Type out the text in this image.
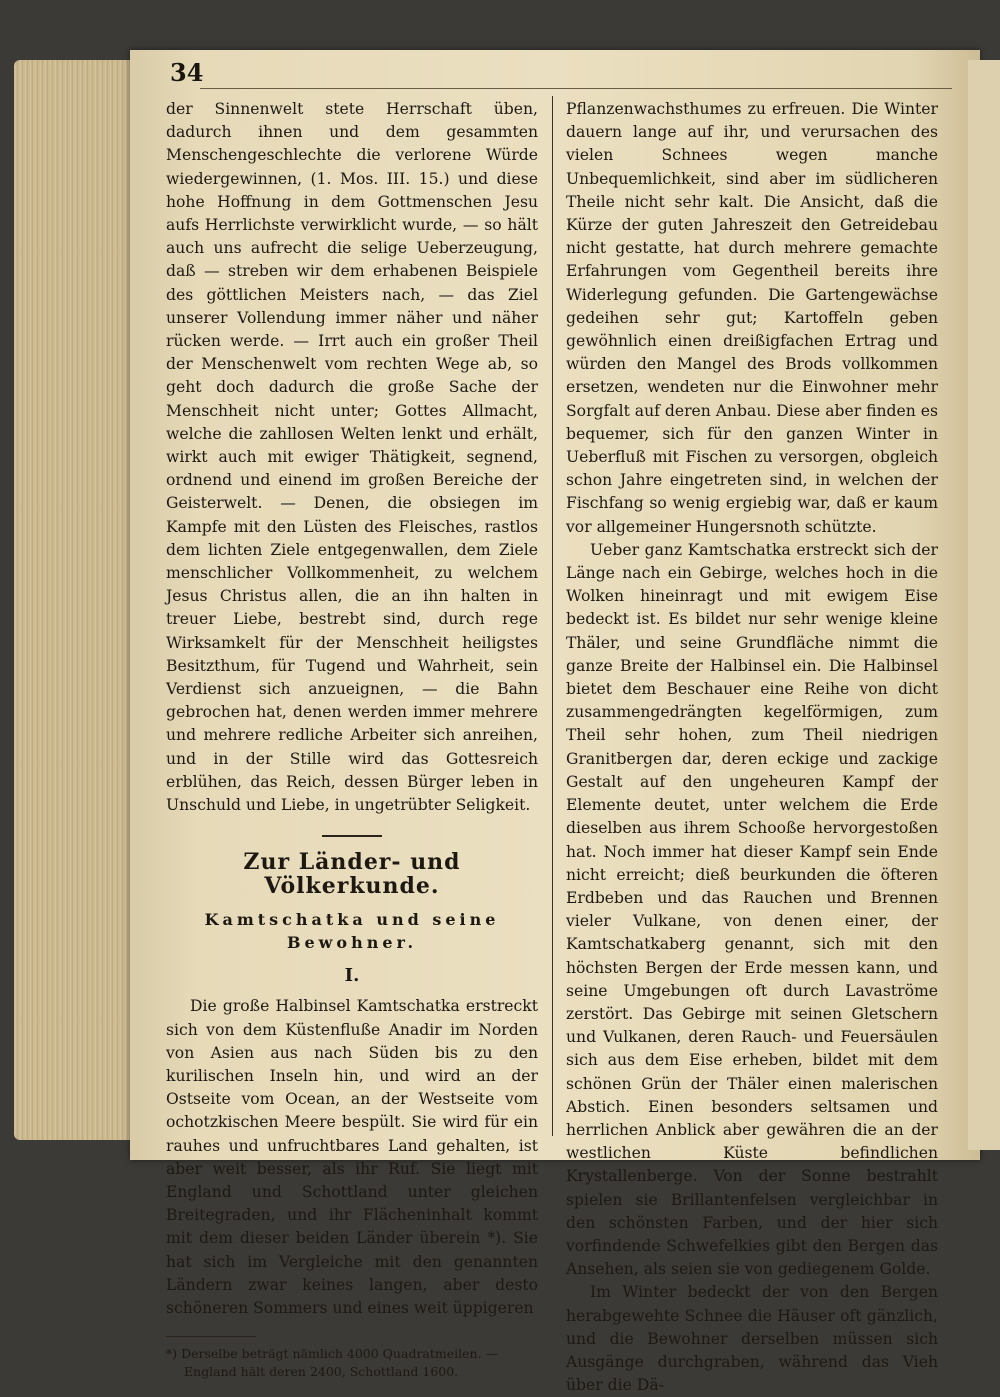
34

der Sinnenwelt stete Herrschaft üben, dadurch ihnen und dem gesammten Menschengeschlechte die verlorene Würde wiedergewinnen, (1. Mos. III. 15.) und diese hohe Hoffnung in dem Gottmenschen Jesu aufs Herrlichste verwirklicht wurde, — so hält auch uns aufrecht die selige Ueberzeugung, daß — streben wir dem erhabenen Beispiele des göttlichen Meisters nach, — das Ziel unserer Vollendung immer näher und näher rücken werde. — Irrt auch ein großer Theil der Menschenwelt vom rechten Wege ab, so geht doch dadurch die große Sache der Menschheit nicht unter; Gottes Allmacht, welche die zahllosen Welten lenkt und erhält, wirkt auch mit ewiger Thätigkeit, segnend, ordnend und einend im großen Bereiche der Geisterwelt. — Denen, die obsiegen im Kampfe mit den Lüsten des Fleisches, rastlos dem lichten Ziele entgegenwallen, dem Ziele menschlicher Vollkommenheit, zu welchem Jesus Christus allen, die an ihn halten in treuer Liebe, bestrebt sind, durch rege Wirksamkelt für der Menschheit heiligstes Besitzthum, für Tugend und Wahrheit, sein Verdienst sich anzueignen, — die Bahn gebrochen hat, denen werden immer mehrere und mehrere redliche Arbeiter sich anreihen, und in der Stille wird das Gottesreich erblühen, das Reich, dessen Bürger leben in Unschuld und Liebe, in ungetrübter Seligkeit.

Zur Länder- und Völkerkunde.
Kamtschatka und seine Bewohner.
I.

Die große Halbinsel Kamtschatka erstreckt sich von dem Küstenfluße Anadir im Norden von Asien aus nach Süden bis zu den kurilischen Inseln hin, und wird an der Ostseite vom Ocean, an der Westseite vom ochotzkischen Meere bespült. Sie wird für ein rauhes und unfruchtbares Land gehalten, ist aber weit besser, als ihr Ruf. Sie liegt mit England und Schottland unter gleichen Breitegraden, und ihr Flächeninhalt kommt mit dem dieser beiden Länder überein *). Sie hat sich im Vergleiche mit den genannten Ländern zwar keines langen, aber desto schöneren Sommers und eines weit üppigeren

*) Derselbe beträgt nämlich 4000 Quadratmeilen. —

England hält deren 2400, Schottland 1600.

Pflanzenwachsthumes zu erfreuen. Die Winter dauern lange auf ihr, und verursachen des vielen Schnees wegen manche Unbequemlichkeit, sind aber im südlicheren Theile nicht sehr kalt. Die Ansicht, daß die Kürze der guten Jahreszeit den Getreidebau nicht gestatte, hat durch mehrere gemachte Erfahrungen vom Gegentheil bereits ihre Widerlegung gefunden. Die Gartengewächse gedeihen sehr gut; Kartoffeln geben gewöhnlich einen dreißigfachen Ertrag und würden den Mangel des Brods vollkommen ersetzen, wendeten nur die Einwohner mehr Sorgfalt auf deren Anbau. Diese aber finden es bequemer, sich für den ganzen Winter in Ueberfluß mit Fischen zu versorgen, obgleich schon Jahre eingetreten sind, in welchen der Fischfang so wenig ergiebig war, daß er kaum vor allgemeiner Hungersnoth schützte.

Ueber ganz Kamtschatka erstreckt sich der Länge nach ein Gebirge, welches hoch in die Wolken hineinragt und mit ewigem Eise bedeckt ist. Es bildet nur sehr wenige kleine Thäler, und seine Grundfläche nimmt die ganze Breite der Halbinsel ein. Die Halbinsel bietet dem Beschauer eine Reihe von dicht zusammengedrängten kegelförmigen, zum Theil sehr hohen, zum Theil niedrigen Granitbergen dar, deren eckige und zackige Gestalt auf den ungeheuren Kampf der Elemente deutet, unter welchem die Erde dieselben aus ihrem Schooße hervorgestoßen hat. Noch immer hat dieser Kampf sein Ende nicht erreicht; dieß beurkunden die öfteren Erdbeben und das Rauchen und Brennen vieler Vulkane, von denen einer, der Kamtschatkaberg genannt, sich mit den höchsten Bergen der Erde messen kann, und seine Umgebungen oft durch Lavaströme zerstört. Das Gebirge mit seinen Gletschern und Vulkanen, deren Rauch- und Feuersäulen sich aus dem Eise erheben, bildet mit dem schönen Grün der Thäler einen malerischen Abstich. Einen besonders seltsamen und herrlichen Anblick aber gewähren die an der westlichen Küste befindlichen Krystallenberge. Von der Sonne bestrahlt spielen sie Brillantenfelsen vergleichbar in den schönsten Farben, und der hier sich vorfindende Schwefelkies gibt den Bergen das Ansehen, als seien sie von gediegenem Golde.

Im Winter bedeckt der von den Bergen herabgewehte Schnee die Häuser oft gänzlich, und die Bewohner derselben müssen sich Ausgänge durchgraben, während das Vieh über die Dä-
